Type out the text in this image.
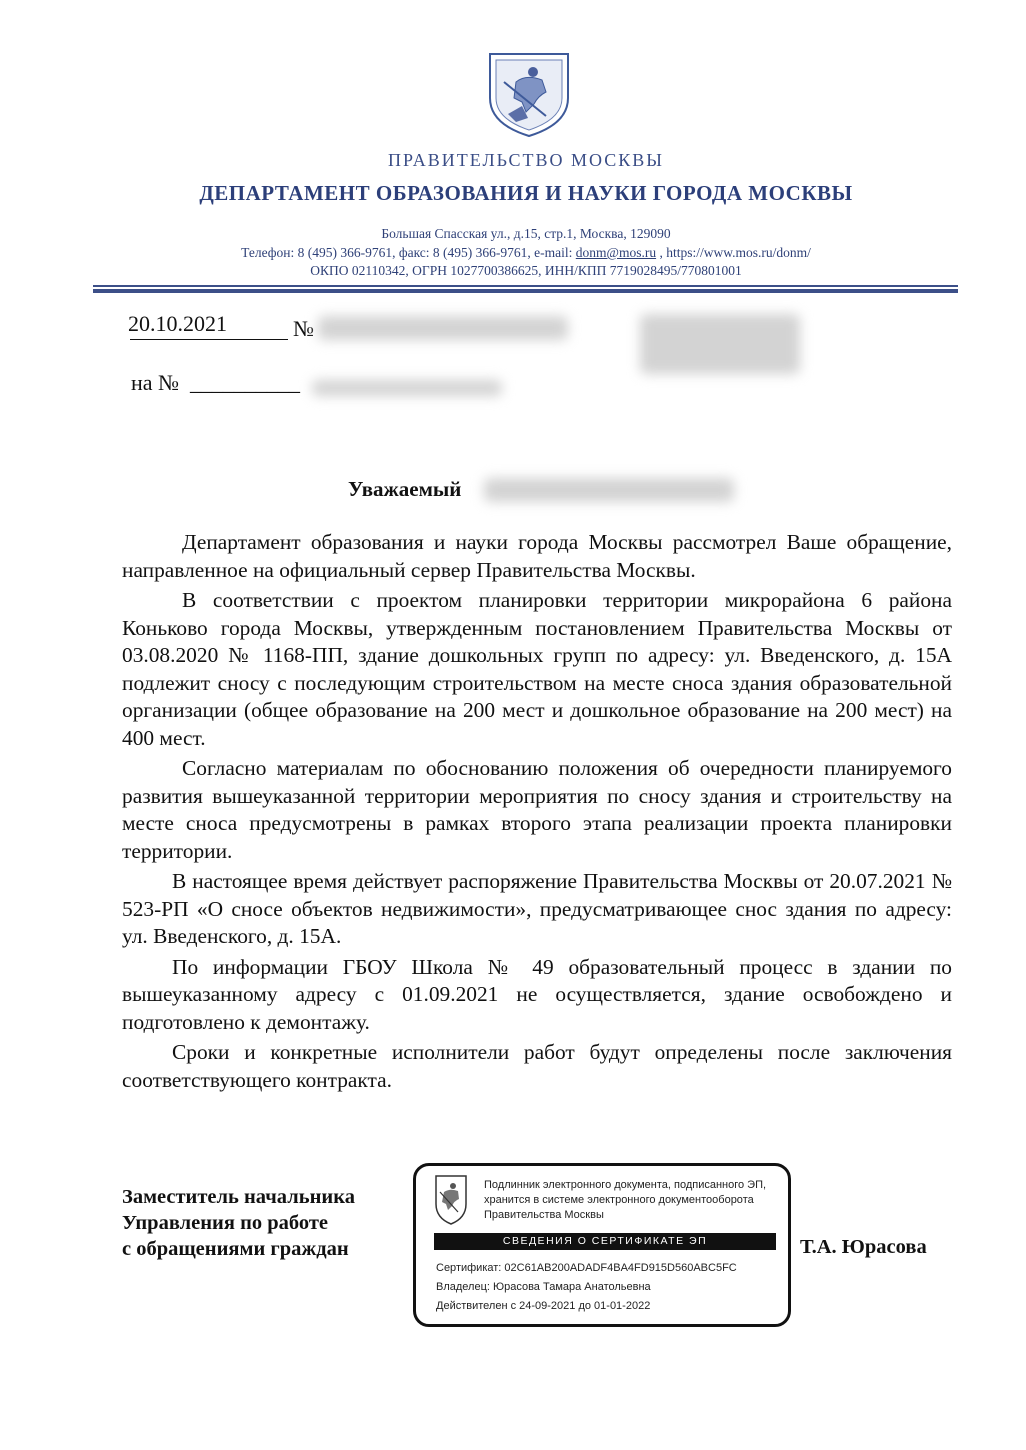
ПРАВИТЕЛЬСТВО МОСКВЫ
ДЕПАРТАМЕНТ ОБРАЗОВАНИЯ И НАУКИ ГОРОДА МОСКВЫ
Большая Спасская ул., д.15, стр.1, Москва, 129090
Телефон: 8 (495) 366-9761, факс: 8 (495) 366-9761, e-mail: donm@mos.ru , https://www.mos.ru/donm/
ОКПО 02110342, ОГРН 1027700386625, ИНН/КПП 7719028495/770801001
20.10.2021	№
на № __________
Уважаемый

Департамент образования и науки города Москвы рассмотрел Ваше обращение, направленное на официальный сервер Правительства Москвы.

В соответствии с проектом планировки территории микрорайона 6 района Коньково города Москвы, утвержденным постановлением Правительства Москвы от 03.08.2020 № 1168-ПП, здание дошкольных групп по адресу: ул. Введенского, д. 15А подлежит сносу с последующим строительством на месте сноса здания образовательной организации (общее образование на 200 мест и дошкольное образование на 200 мест) на 400 мест.

Согласно материалам по обоснованию положения об очередности планируемого развития вышеуказанной территории мероприятия по сносу здания и строительству на месте сноса предусмотрены в рамках второго этапа реализации проекта планировки территории.

В настоящее время действует распоряжение Правительства Москвы от 20.07.2021 № 523-РП «О сносе объектов недвижимости», предусматривающее снос здания по адресу: ул. Введенского, д. 15А.

По информации ГБОУ Школа № 49 образовательный процесс в здании по вышеуказанному адресу с 01.09.2021 не осуществляется, здание освобождено и подготовлено к демонтажу.

Сроки и конкретные исполнители работ будут определены после заключения соответствующего контракта.

Заместитель начальника
Управления по работе
с обращениями граждан	Т.А. Юрасова
Подлинник электронного документа, подписанного ЭП,
хранится в системе электронного документооборота
Правительства Москвы
СВЕДЕНИЯ О СЕРТИФИКАТЕ ЭП
Сертификат: 02C61AB200ADADF4BA4FD915D560ABC5FC
Владелец: Юрасова Тамара Анатольевна
Действителен с 24-09-2021 до 01-01-2022
